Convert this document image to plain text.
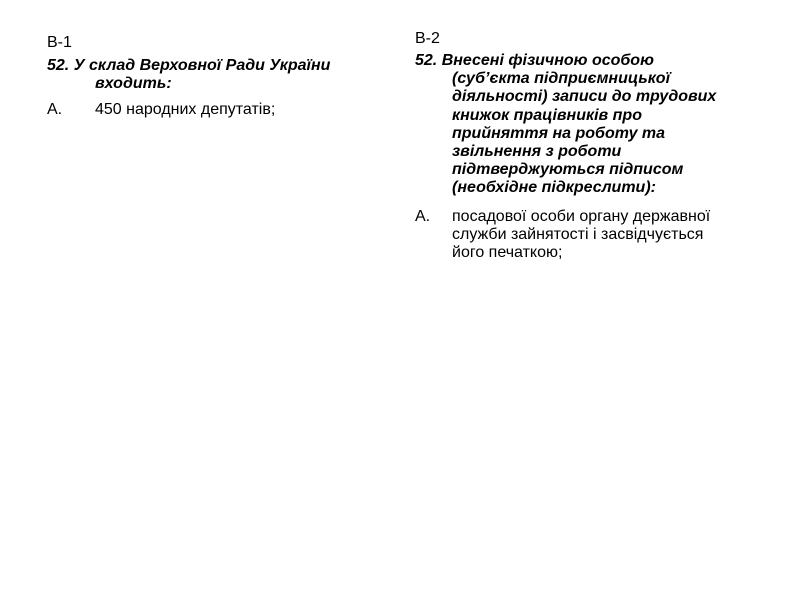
В-1
52. У склад Верховної Ради України
входить:
А.	450 народних депутатів;
В-2
52. Внесені фізичною особою
(суб’єкта підприємницької
діяльності) записи до трудових
книжок працівників про
прийняття на роботу та
звільнення з роботи
підтверджуються підписом
(необхідне підкреслити):
А.	посадової особи органу державної
служби зайнятості і засвідчується
його печаткою;
